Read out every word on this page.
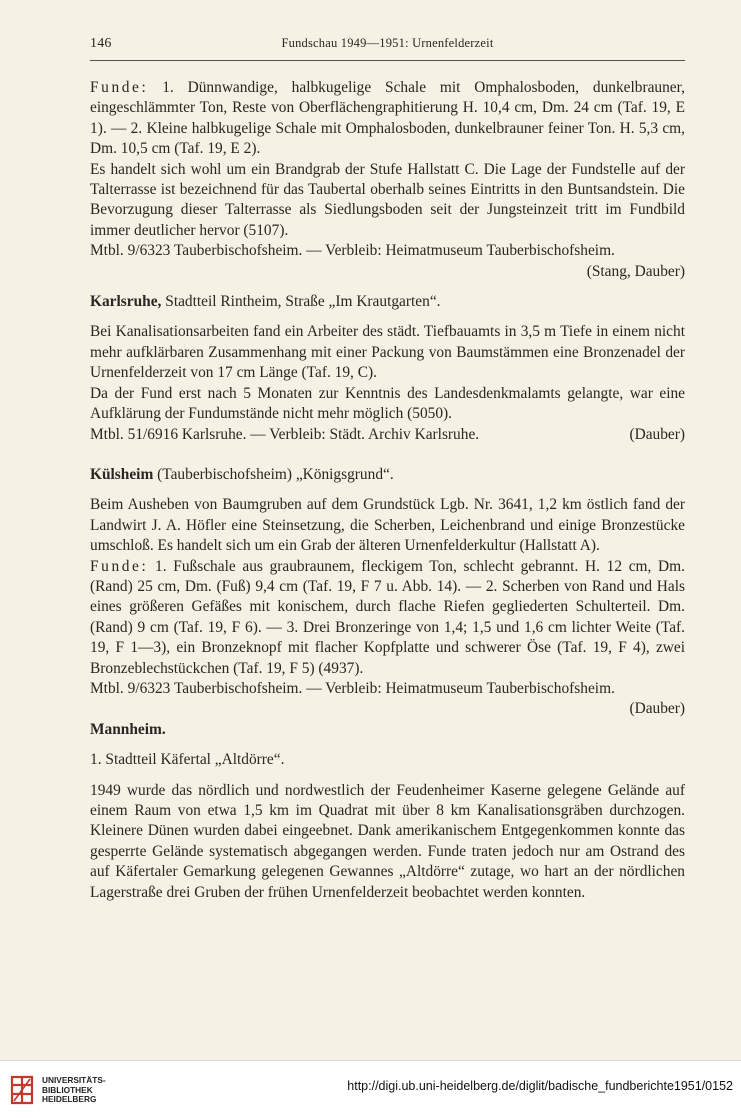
146	Fundschau 1949—1951: Urnenfelderzeit

Funde: 1. Dünnwandige, halbkugelige Schale mit Omphalosboden, dunkelbrauner, eingeschlämmter Ton, Reste von Oberflächengraphitierung H. 10,4 cm, Dm. 24 cm (Taf. 19, E 1). — 2. Kleine halbkugelige Schale mit Omphalosboden, dunkelbrauner feiner Ton. H. 5,3 cm, Dm. 10,5 cm (Taf. 19, E 2).

Es handelt sich wohl um ein Brandgrab der Stufe Hallstatt C. Die Lage der Fundstelle auf der Talterrasse ist bezeichnend für das Taubertal oberhalb seines Eintritts in den Buntsandstein. Die Bevorzugung dieser Talterrasse als Siedlungsboden seit der Jungsteinzeit tritt im Fundbild immer deutlicher hervor (5107).

Mtbl. 9/6323 Tauberbischofsheim. — Verbleib: Heimatmuseum Tauberbischofsheim.

(Stang, Dauber)

Karlsruhe, Stadtteil Rintheim, Straße „Im Krautgarten“.

Bei Kanalisationsarbeiten fand ein Arbeiter des städt. Tiefbauamts in 3,5 m Tiefe in einem nicht mehr aufklärbaren Zusammenhang mit einer Packung von Baumstämmen eine Bronzenadel der Urnenfelderzeit von 17 cm Länge (Taf. 19, C).

Da der Fund erst nach 5 Monaten zur Kenntnis des Landesdenkmalamts gelangte, war eine Aufklärung der Fundumstände nicht mehr möglich (5050).

Mtbl. 51/6916 Karlsruhe. — Verbleib: Städt. Archiv Karlsruhe.	(Dauber)

Külsheim (Tauberbischofsheim) „Königsgrund“.

Beim Ausheben von Baumgruben auf dem Grundstück Lgb. Nr. 3641, 1,2 km östlich fand der Landwirt J. A. Höfler eine Steinsetzung, die Scherben, Leichenbrand und einige Bronzestücke umschloß. Es handelt sich um ein Grab der älteren Urnenfelderkultur (Hallstatt A).

Funde: 1. Fußschale aus graubraunem, fleckigem Ton, schlecht gebrannt. H. 12 cm, Dm. (Rand) 25 cm, Dm. (Fuß) 9,4 cm (Taf. 19, F 7 u. Abb. 14). — 2. Scherben von Rand und Hals eines größeren Gefäßes mit konischem, durch flache Riefen gegliederten Schulterteil. Dm. (Rand) 9 cm (Taf. 19, F 6). — 3. Drei Bronzeringe von 1,4; 1,5 und 1,6 cm lichter Weite (Taf. 19, F 1—3), ein Bronzeknopf mit flacher Kopfplatte und schwerer Öse (Taf. 19, F 4), zwei Bronzeblechstückchen (Taf. 19, F 5) (4937).

Mtbl. 9/6323 Tauberbischofsheim. — Verbleib: Heimatmuseum Tauberbischofsheim.

(Dauber)

Mannheim.

1. Stadtteil Käfertal „Altdörre“.

1949 wurde das nördlich und nordwestlich der Feudenheimer Kaserne gelegene Gelände auf einem Raum von etwa 1,5 km im Quadrat mit über 8 km Kanalisationsgräben durchzogen. Kleinere Dünen wurden dabei eingeebnet. Dank amerikanischem Entgegenkommen konnte das gesperrte Gelände systematisch abgegangen werden. Funde traten jedoch nur am Ostrand des auf Käfertaler Gemarkung gelegenen Gewannes „Altdörre“ zutage, wo hart an der nördlichen Lagerstraße drei Gruben der frühen Urnenfelderzeit beobachtet werden konnten.

UNIVERSITÄTS-
BIBLIOTHEK
HEIDELBERG
http://digi.ub.uni-heidelberg.de/diglit/badische_fundberichte1951/0152
